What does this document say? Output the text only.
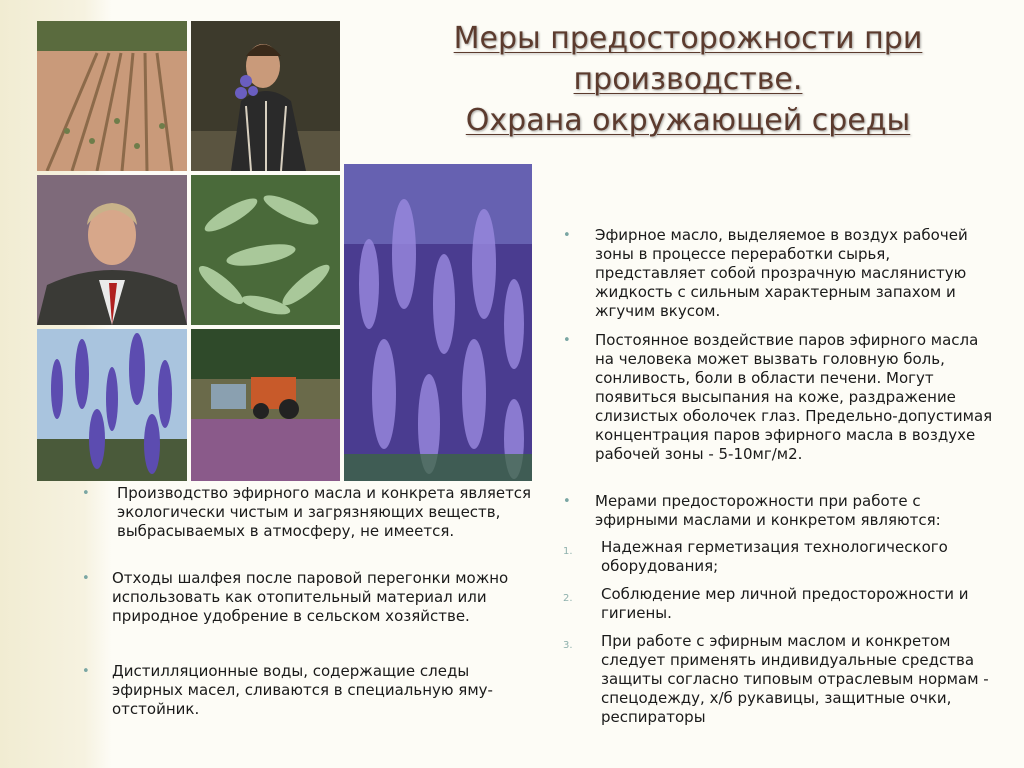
Меры предосторожности при
производстве.
Охрана окружающей среды
• Производство эфирного масла и конкрета является экологически чистым и загрязняющих веществ, выбрасываемых в атмосферу, не имеется.
• Отходы шалфея после паровой перегонки можно использовать как отопительный материал или природное удобрение в сельском хозяйстве.
• Дистилляционные воды, содержащие следы эфирных масел, сливаются в специальную яму-отстойник.
• Эфирное масло, выделяемое в воздух рабочей зоны в процессе переработки сырья, представляет собой прозрачную маслянистую жидкость с сильным характерным запахом и жгучим вкусом.
• Постоянное воздействие паров эфирного масла на человека может вызвать головную боль, сонливость, боли в области печени. Могут появиться высыпания на коже, раздражение слизистых оболочек глаз. Предельно-допустимая концентрация паров эфирного масла в воздухе рабочей зоны - 5-10мг/м2.
• Мерами предосторожности при работе с эфирными маслами и конкретом являются:
1. Надежная герметизация технологического оборудования;
2. Соблюдение мер личной предосторожности и гигиены.
3. При работе с эфирным маслом и конкретом следует применять индивидуальные средства защиты согласно типовым отраслевым нормам - спецодежду, х/б рукавицы, защитные очки, респираторы
